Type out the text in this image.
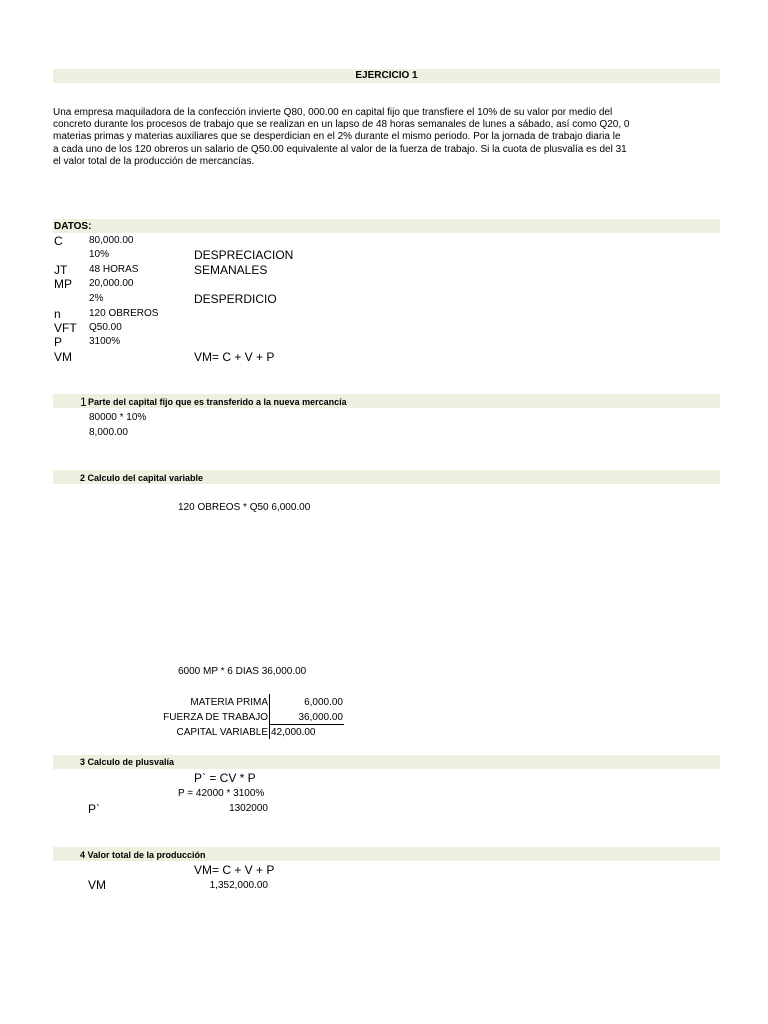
EJERCICIO 1
Una empresa maquiladora de la confección invierte Q80, 000.00 en capital fijo que transfiere el 10% de su valor por medio del
concreto durante los procesos de trabajo que se realizan en un lapso de 48 horas semanales de lunes a sábado, así como Q20, 0
materias primas y materias auxiliares que se desperdician en el 2% durante el mismo periodo. Por la jornada de trabajo diaria le
a cada uno de los 120 obreros un salario de Q50.00 equivalente al valor de la fuerza de trabajo. Si la cuota de plusvalía es del 31
el valor total de la producción de mercancías.
DATOS:
C	80,000.00
10%	DESPRECIACION
JT 48 HORAS	SEMANALES
MP 20,000.00
2%	DESPERDICIO
n	120 OBREROS
VFT Q50.00
P	3100%
VM	VM= C + V + P
1 Parte del capital fijo que es transferido a la nueva mercancía
80000 * 10%
8,000.00
2 Calculo del capital variable
120 OBREOS * Q50 6,000.00
6000 MP * 6 DIAS 36,000.00
MATERIA PRIMA	6,000.00
FUERZA DE TRABAJO	36,000.00
CAPITAL VARIABLE 42,000.00
3 Calculo de plusvalía
P` = CV * P
P = 42000 * 3100%
P`	1302000
4 Valor total de la producción
VM= C + V + P
VM	1,352,000.00
